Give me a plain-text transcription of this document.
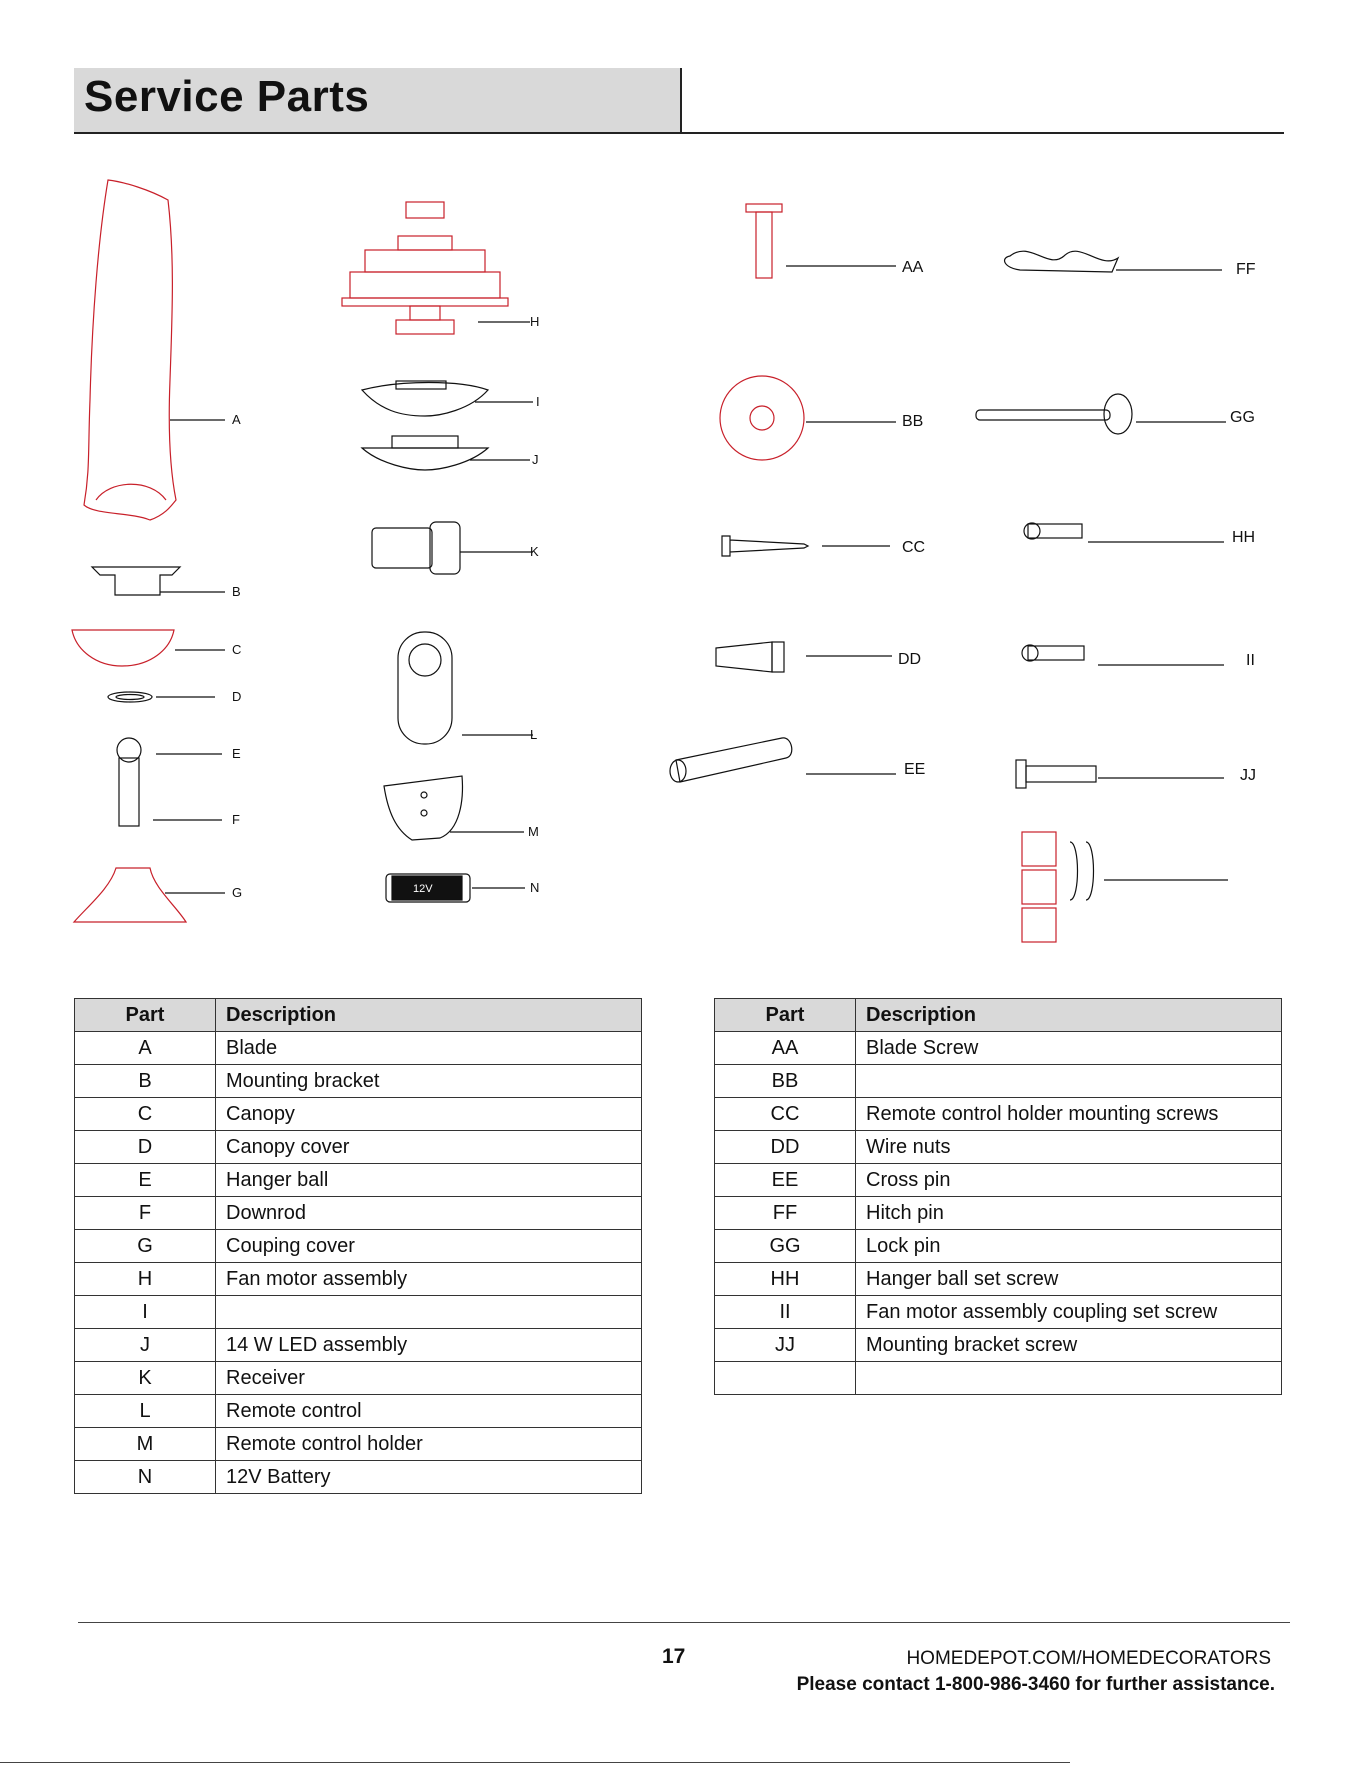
Service Parts
A
B
C
D
E
F
G
H
I
J
K
L
M
N
12V
AA
BB
CC
DD
EE
FF
GG
HH
II
JJ
Part	Description
A	Blade
B	Mounting bracket
C	Canopy
D	Canopy cover
E	Hanger ball
F	Downrod
G	Couping cover
H	Fan motor assembly
I	
J	14 W LED assembly
K	Receiver
L	Remote control
M	Remote control holder
N	12V Battery
Part	Description
AA	Blade Screw
BB	
CC	Remote control holder mounting screws
DD	Wire nuts
EE	Cross pin
FF	Hitch pin
GG	Lock pin
HH	Hanger ball set screw
II	Fan motor assembly coupling set screw
JJ	Mounting bracket screw

17	HOMEDEPOT.COM/HOMEDECORATORS
Please contact 1-800-986-3460 for further assistance.
